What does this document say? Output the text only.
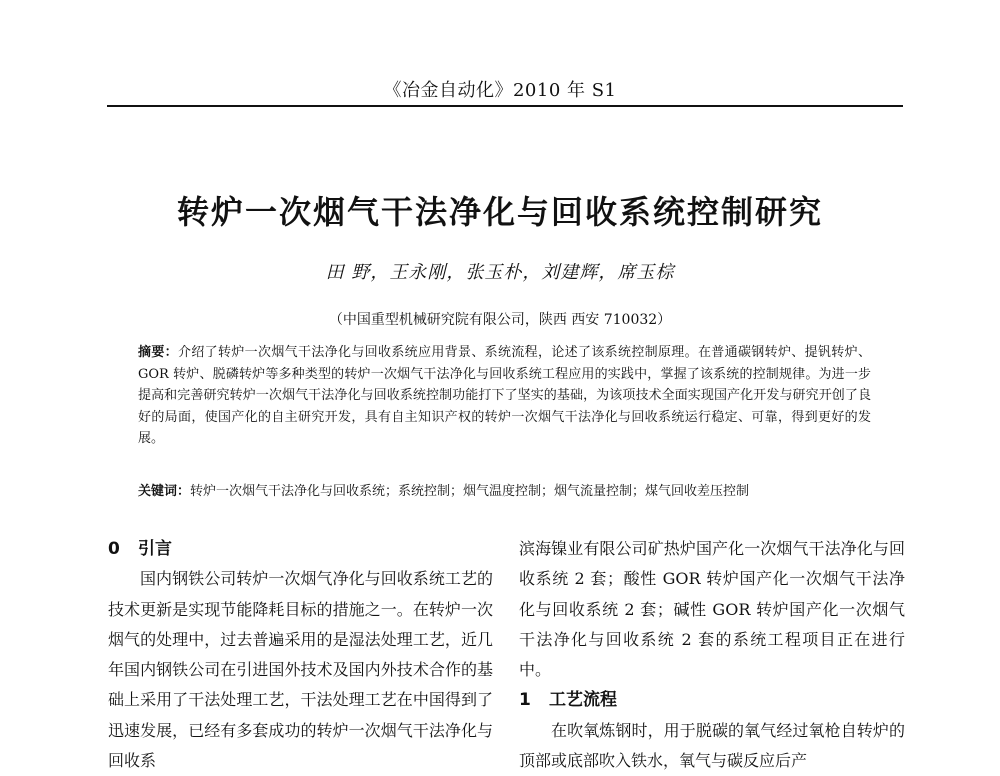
《冶金自动化》2010 年 S1
转炉一次烟气干法净化与回收系统控制研究
田 野，王永刚，张玉朴，刘建辉，席玉棕
（中国重型机械研究院有限公司，陕西 西安 710032）
摘要：介绍了转炉一次烟气干法净化与回收系统应用背景、系统流程，论述了该系统控制原理。在普通碳钢转炉、提钒转炉、GOR 转炉、脱磷转炉等多种类型的转炉一次烟气干法净化与回收系统工程应用的实践中，掌握了该系统的控制规律。为进一步提高和完善研究转炉一次烟气干法净化与回收系统控制功能打下了坚实的基础，为该项技术全面实现国产化开发与研究开创了良好的局面，使国产化的自主研究开发，具有自主知识产权的转炉一次烟气干法净化与回收系统运行稳定、可靠，得到更好的发展。
关键词：转炉一次烟气干法净化与回收系统；系统控制；烟气温度控制；烟气流量控制；煤气回收差压控制
0 引言

国内钢铁公司转炉一次烟气净化与回收系统工艺的技术更新是实现节能降耗目标的措施之一。在转炉一次烟气的处理中，过去普遍采用的是湿法处理工艺，近几年国内钢铁公司在引进国外技术及国内外技术合作的基础上采用了干法处理工艺，干法处理工艺在中国得到了迅速发展，已经有多套成功的转炉一次烟气干法净化与回收系

滨海镍业有限公司矿热炉国产化一次烟气干法净化与回收系统 2 套；酸性 GOR 转炉国产化一次烟气干法净化与回收系统 2 套；碱性 GOR 转炉国产化一次烟气干法净化与回收系统 2 套的系统工程项目正在进行中。

1 工艺流程

在吹氧炼钢时，用于脱碳的氧气经过氧枪自转炉的顶部或底部吹入铁水，氧气与碳反应后产
